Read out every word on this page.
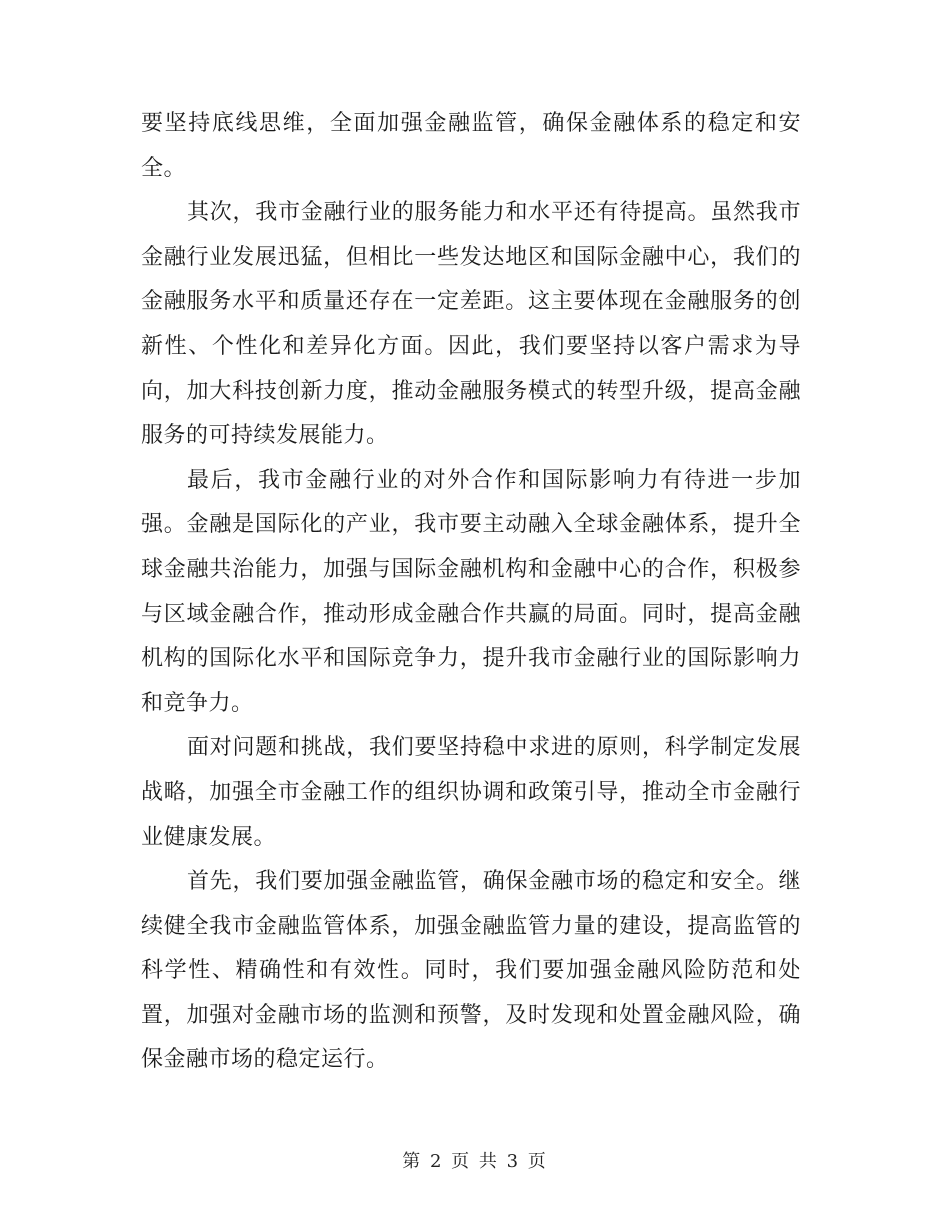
要坚持底线思维，全面加强金融监管，确保金融体系的稳定和安全。

其次，我市金融行业的服务能力和水平还有待提高。虽然我市金融行业发展迅猛，但相比一些发达地区和国际金融中心，我们的金融服务水平和质量还存在一定差距。这主要体现在金融服务的创新性、个性化和差异化方面。因此，我们要坚持以客户需求为导向，加大科技创新力度，推动金融服务模式的转型升级，提高金融服务的可持续发展能力。

最后，我市金融行业的对外合作和国际影响力有待进一步加强。金融是国际化的产业，我市要主动融入全球金融体系，提升全球金融共治能力，加强与国际金融机构和金融中心的合作，积极参与区域金融合作，推动形成金融合作共赢的局面。同时，提高金融机构的国际化水平和国际竞争力，提升我市金融行业的国际影响力和竞争力。

面对问题和挑战，我们要坚持稳中求进的原则，科学制定发展战略，加强全市金融工作的组织协调和政策引导，推动全市金融行业健康发展。

首先，我们要加强金融监管，确保金融市场的稳定和安全。继续健全我市金融监管体系，加强金融监管力量的建设，提高监管的科学性、精确性和有效性。同时，我们要加强金融风险防范和处置，加强对金融市场的监测和预警，及时发现和处置金融风险，确保金融市场的稳定运行。

第 2 页 共 3 页
